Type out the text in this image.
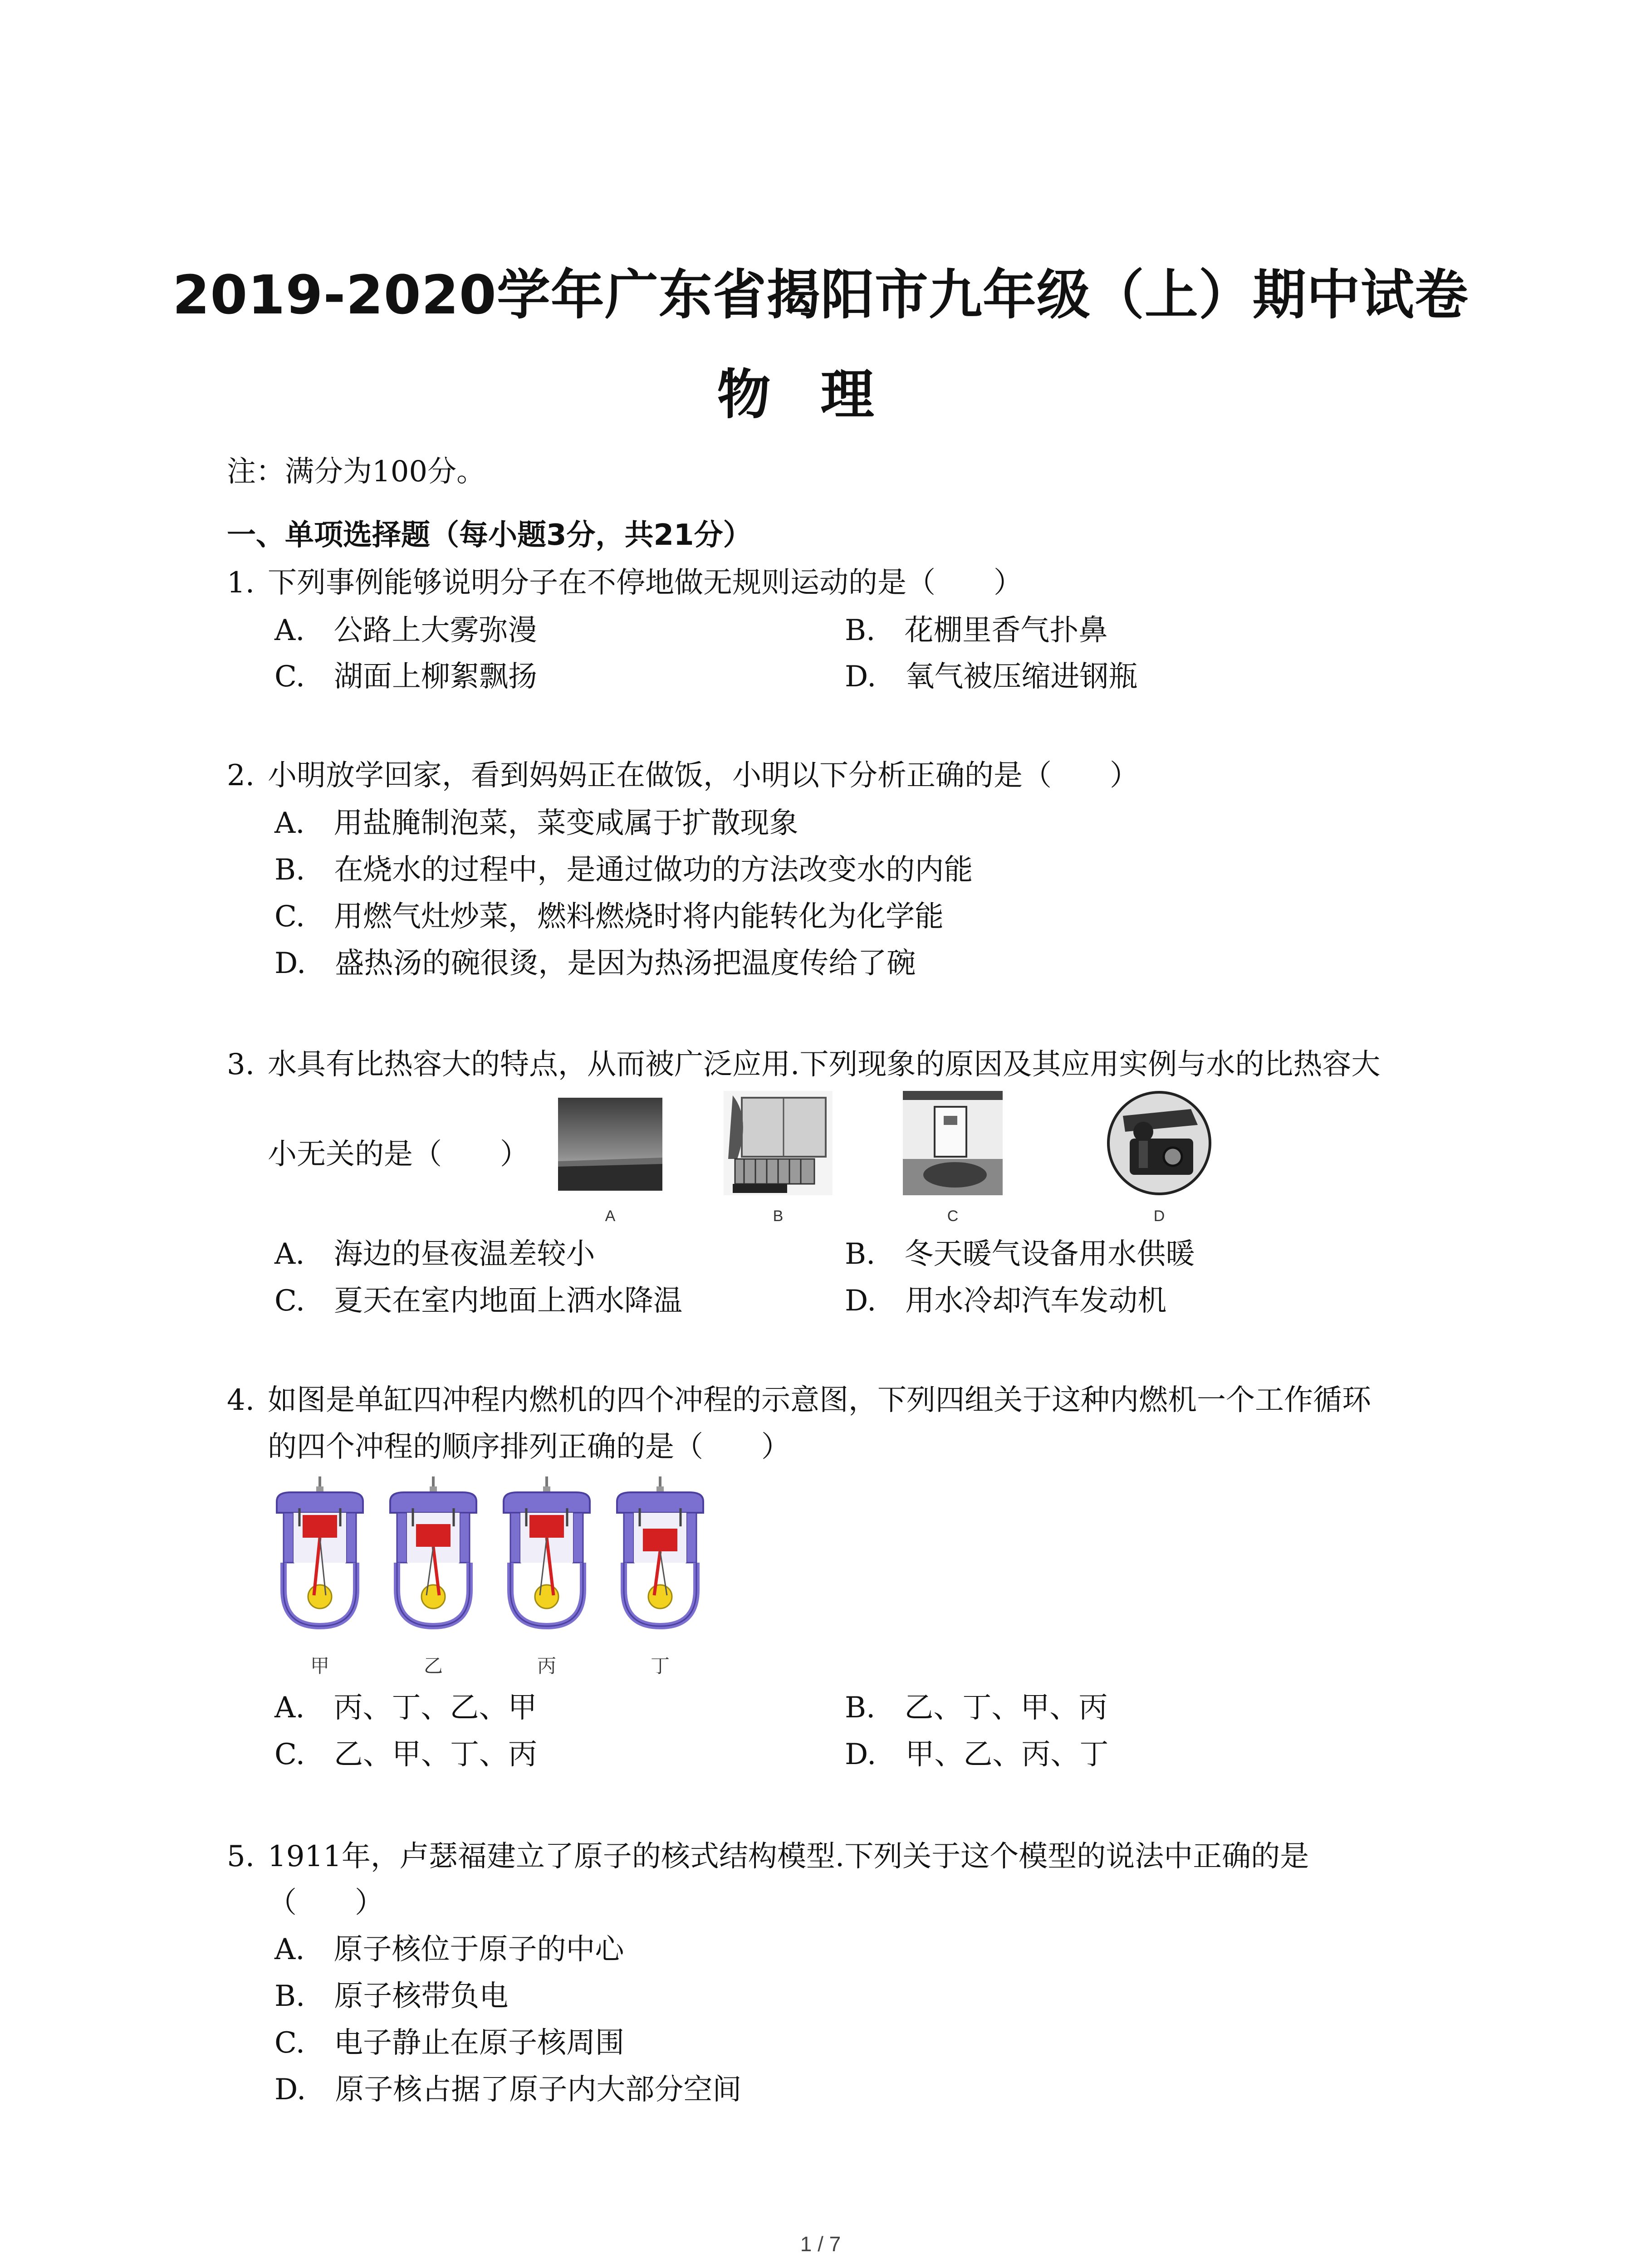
2019-2020学年广东省揭阳市九年级（上）期中试卷
物理
注：满分为100分。
一、单项选择题（每小题3分，共21分）
1. 下列事例能够说明分子在不停地做无规则运动的是（　　）
A.　公路上大雾弥漫	B.　花棚里香气扑鼻
C.　湖面上柳絮飘扬	D.　氧气被压缩进钢瓶
2. 小明放学回家，看到妈妈正在做饭，小明以下分析正确的是（　　）
A.　用盐腌制泡菜，菜变咸属于扩散现象
B.　在烧水的过程中，是通过做功的方法改变水的内能
C.　用燃气灶炒菜，燃料燃烧时将内能转化为化学能
D.　盛热汤的碗很烫，是因为热汤把温度传给了碗
3. 水具有比热容大的特点，从而被广泛应用.下列现象的原因及其应用实例与水的比热容大
小无关的是（　　）
A	B	C	D
A.　海边的昼夜温差较小	B.　冬天暖气设备用水供暖
C.　夏天在室内地面上洒水降温	D.　用水冷却汽车发动机
4. 如图是单缸四冲程内燃机的四个冲程的示意图，下列四组关于这种内燃机一个工作循环
的四个冲程的顺序排列正确的是（　　）
甲	乙	丙	丁
A.　丙、丁、乙、甲	B.　乙、丁、甲、丙
C.　乙、甲、丁、丙	D.　甲、乙、丙、丁
5. 1911年，卢瑟福建立了原子的核式结构模型.下列关于这个模型的说法中正确的是
（　　）
A.　原子核位于原子的中心
B.　原子核带负电
C.　电子静止在原子核周围
D.　原子核占据了原子内大部分空间
1 / 7
